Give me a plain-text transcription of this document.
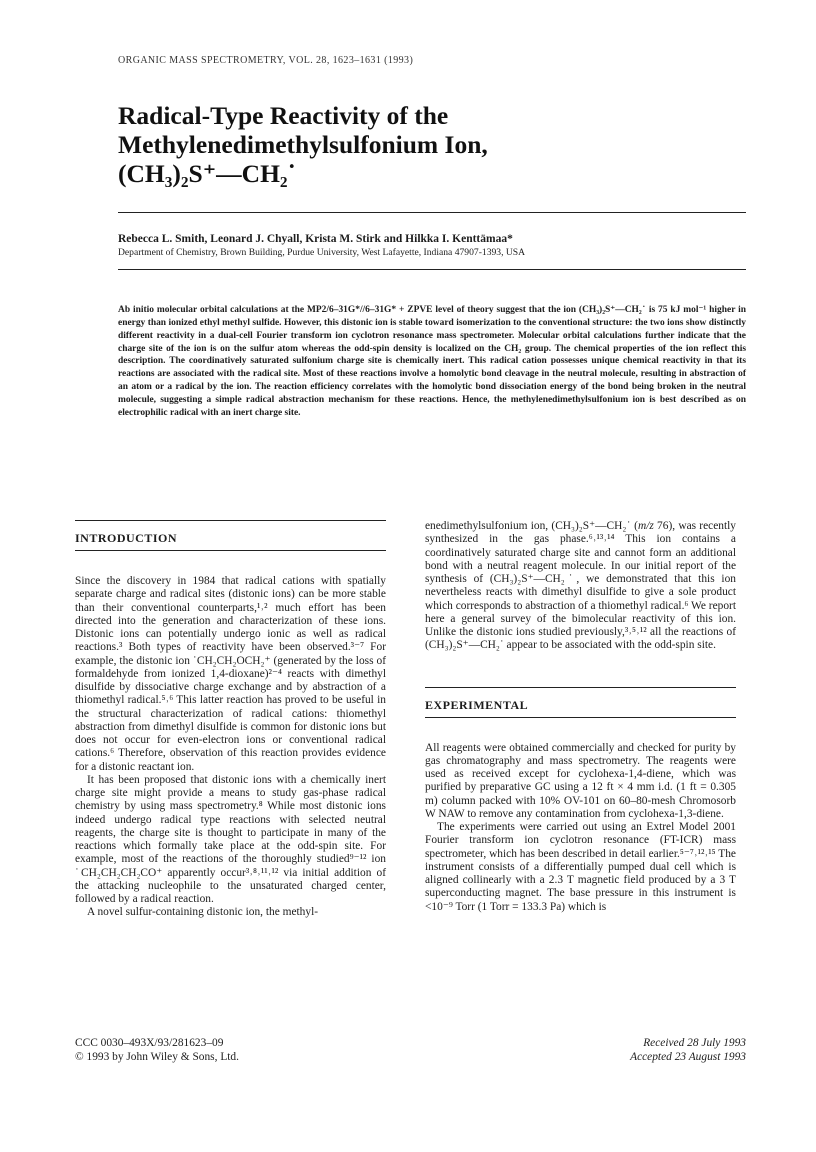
ORGANIC MASS SPECTROMETRY, VOL. 28, 1623–1631 (1993)
Radical-Type Reactivity of the
Methylenedimethylsulfonium Ion,
(CH₃)₂S⁺—CH₂˙
Rebecca L. Smith, Leonard J. Chyall, Krista M. Stirk and Hilkka I. Kenttämaa*
Department of Chemistry, Brown Building, Purdue University, West Lafayette, Indiana 47907-1393, USA

Ab initio molecular orbital calculations at the MP2/6–31G*//6–31G* + ZPVE level of theory suggest that the ion (CH₃)₂S⁺—CH₂˙ is 75 kJ mol⁻¹ higher in energy than ionized ethyl methyl sulfide. However, this distonic ion is stable toward isomerization to the conventional structure: the two ions show distinctly different reactivity in a dual-cell Fourier transform ion cyclotron resonance mass spectrometer. Molecular orbital calculations further indicate that the charge site of the ion is on the sulfur atom whereas the odd-spin density is localized on the CH₂ group. The chemical properties of the ion reflect this description. The coordinatively saturated sulfonium charge site is chemically inert. This radical cation possesses unique chemical reactivity in that its reactions are associated with the radical site. Most of these reactions involve a homolytic bond cleavage in the neutral molecule, resulting in abstraction of an atom or a radical by the ion. The reaction efficiency correlates with the homolytic bond dissociation energy of the bond being broken in the neutral molecule, suggesting a simple radical abstraction mechanism for these reactions. Hence, the methylenedimethylsulfonium ion is best described as on electrophilic radical with an inert charge site.

INTRODUCTION

Since the discovery in 1984 that radical cations with spatially separate charge and radical sites (distonic ions) can be more stable than their conventional counterparts,¹˒² much effort has been directed into the generation and characterization of these ions. Distonic ions can potentially undergo ionic as well as radical reactions.³ Both types of reactivity have been observed.³⁻⁷ For example, the distonic ion ˙CH₂CH₂OCH₂⁺ (generated by the loss of formaldehyde from ionized 1,4-dioxane)²⁻⁴ reacts with dimethyl disulfide by dissociative charge exchange and by abstraction of a thiomethyl radical.⁵˒⁶ This latter reaction has proved to be useful in the structural characterization of radical cations: thiomethyl abstraction from dimethyl disulfide is common for distonic ions but does not occur for even-electron ions or conventional radical cations.⁶ Therefore, observation of this reaction provides evidence for a distonic reactant ion.

It has been proposed that distonic ions with a chemically inert charge site might provide a means to study gas-phase radical chemistry by using mass spectrometry.⁸ While most distonic ions indeed undergo radical type reactions with selected neutral reagents, the charge site is thought to participate in many of the reactions which formally take place at the odd-spin site. For example, most of the reactions of the thoroughly studied⁹⁻¹² ion ˙CH₂CH₂CH₂CO⁺ apparently occur³˒⁸˒¹¹˒¹² via initial addition of the attacking nucleophile to the unsaturated charged center, followed by a radical reaction.

A novel sulfur-containing distonic ion, the methyl-

enedimethylsulfonium ion, (CH₃)₂S⁺—CH₂˙ (m/z 76), was recently synthesized in the gas phase.⁶˒¹³˒¹⁴ This ion contains a coordinatively saturated charge site and cannot form an additional bond with a neutral reagent molecule. In our initial report of the synthesis of (CH₃)₂S⁺—CH₂˙, we demonstrated that this ion nevertheless reacts with dimethyl disulfide to give a sole product which corresponds to abstraction of a thiomethyl radical.⁶ We report here a general survey of the bimolecular reactivity of this ion. Unlike the distonic ions studied previously,³˒⁵˒¹² all the reactions of (CH₃)₂S⁺—CH₂˙ appear to be associated with the odd-spin site.

EXPERIMENTAL

All reagents were obtained commercially and checked for purity by gas chromatography and mass spectrometry. The reagents were used as received except for cyclohexa-1,4-diene, which was purified by preparative GC using a 12 ft × 4 mm i.d. (1 ft = 0.305 m) column packed with 10% OV-101 on 60–80-mesh Chromosorb W NAW to remove any contamination from cyclohexa-1,3-diene.

The experiments were carried out using an Extrel Model 2001 Fourier transform ion cyclotron resonance (FT-ICR) mass spectrometer, which has been described in detail earlier.⁵⁻⁷˒¹²˒¹⁵ The instrument consists of a differentially pumped dual cell which is aligned collinearly with a 2.3 T magnetic field produced by a 3 T superconducting magnet. The base pressure in this instrument is <10⁻⁹ Torr (1 Torr = 133.3 Pa) which is

CCC 0030–493X/93/281623–09
© 1993 by John Wiley & Sons, Ltd.
Received 28 July 1993
Accepted 23 August 1993
